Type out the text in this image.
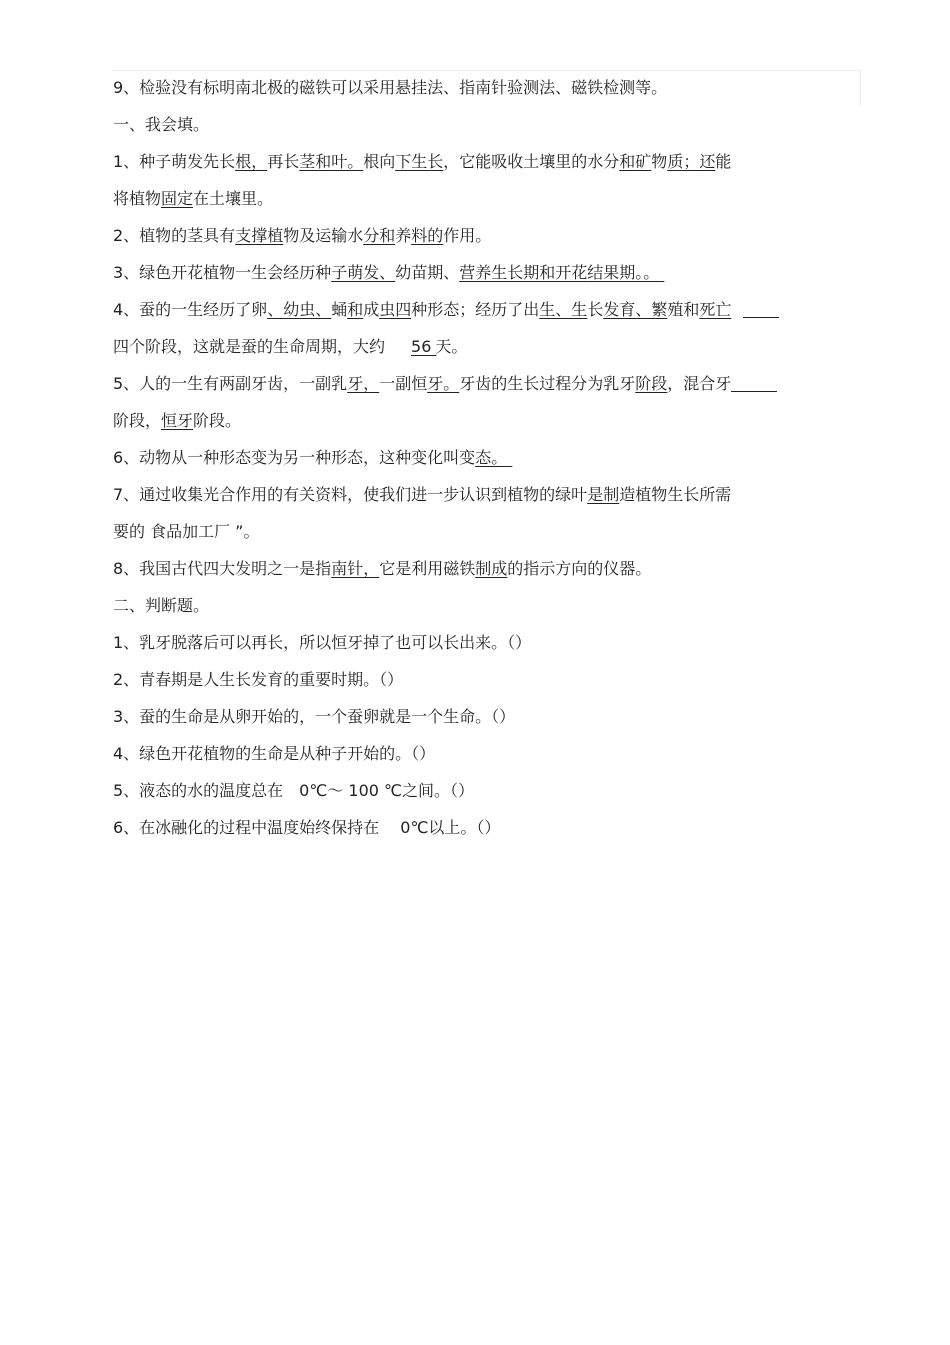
9、检验没有标明南北极的磁铁可以采用悬挂法、指南针验测法、磁铁检测等。
一、我会填。
1、种子萌发先长根，再长茎和叶。根向下生长，它能吸收土壤里的水分和矿物质；还能
将植物固定在土壤里。
2、植物的茎具有支撑植物及运输水分和养料的作用。
3、绿色开花植物一生会经历种子萌发、幼苗期、营养生长期和开花结果期。。
4、蚕的一生经历了卵、幼虫、蛹和成虫四种形态；经历了出生、生长发育、繁殖和死亡
四个阶段，这就是蚕的生命周期，大约 56 天。
5、人的一生有两副牙齿，一副乳牙，一副恒牙。牙齿的生长过程分为乳牙阶段，混合牙
阶段，恒牙阶段。
6、动物从一种形态变为另一种形态，这种变化叫变态。
7、通过收集光合作用的有关资料，使我们进一步认识到植物的绿叶是制造植物生长所需
要的 食品加工厂 ”。
8、我国古代四大发明之一是指南针，它是利用磁铁制成的指示方向的仪器。
二、判断题。
1、乳牙脱落后可以再长，所以恒牙掉了也可以长出来。（）
2、青春期是人生长发育的重要时期。（）
3、蚕的生命是从卵开始的，一个蚕卵就是一个生命。（）
4、绿色开花植物的生命是从种子开始的。（）
5、液态的水的温度总在　0℃～ 100 ℃之间。（）
6、在冰融化的过程中温度始终保持在　 0℃以上。（）
